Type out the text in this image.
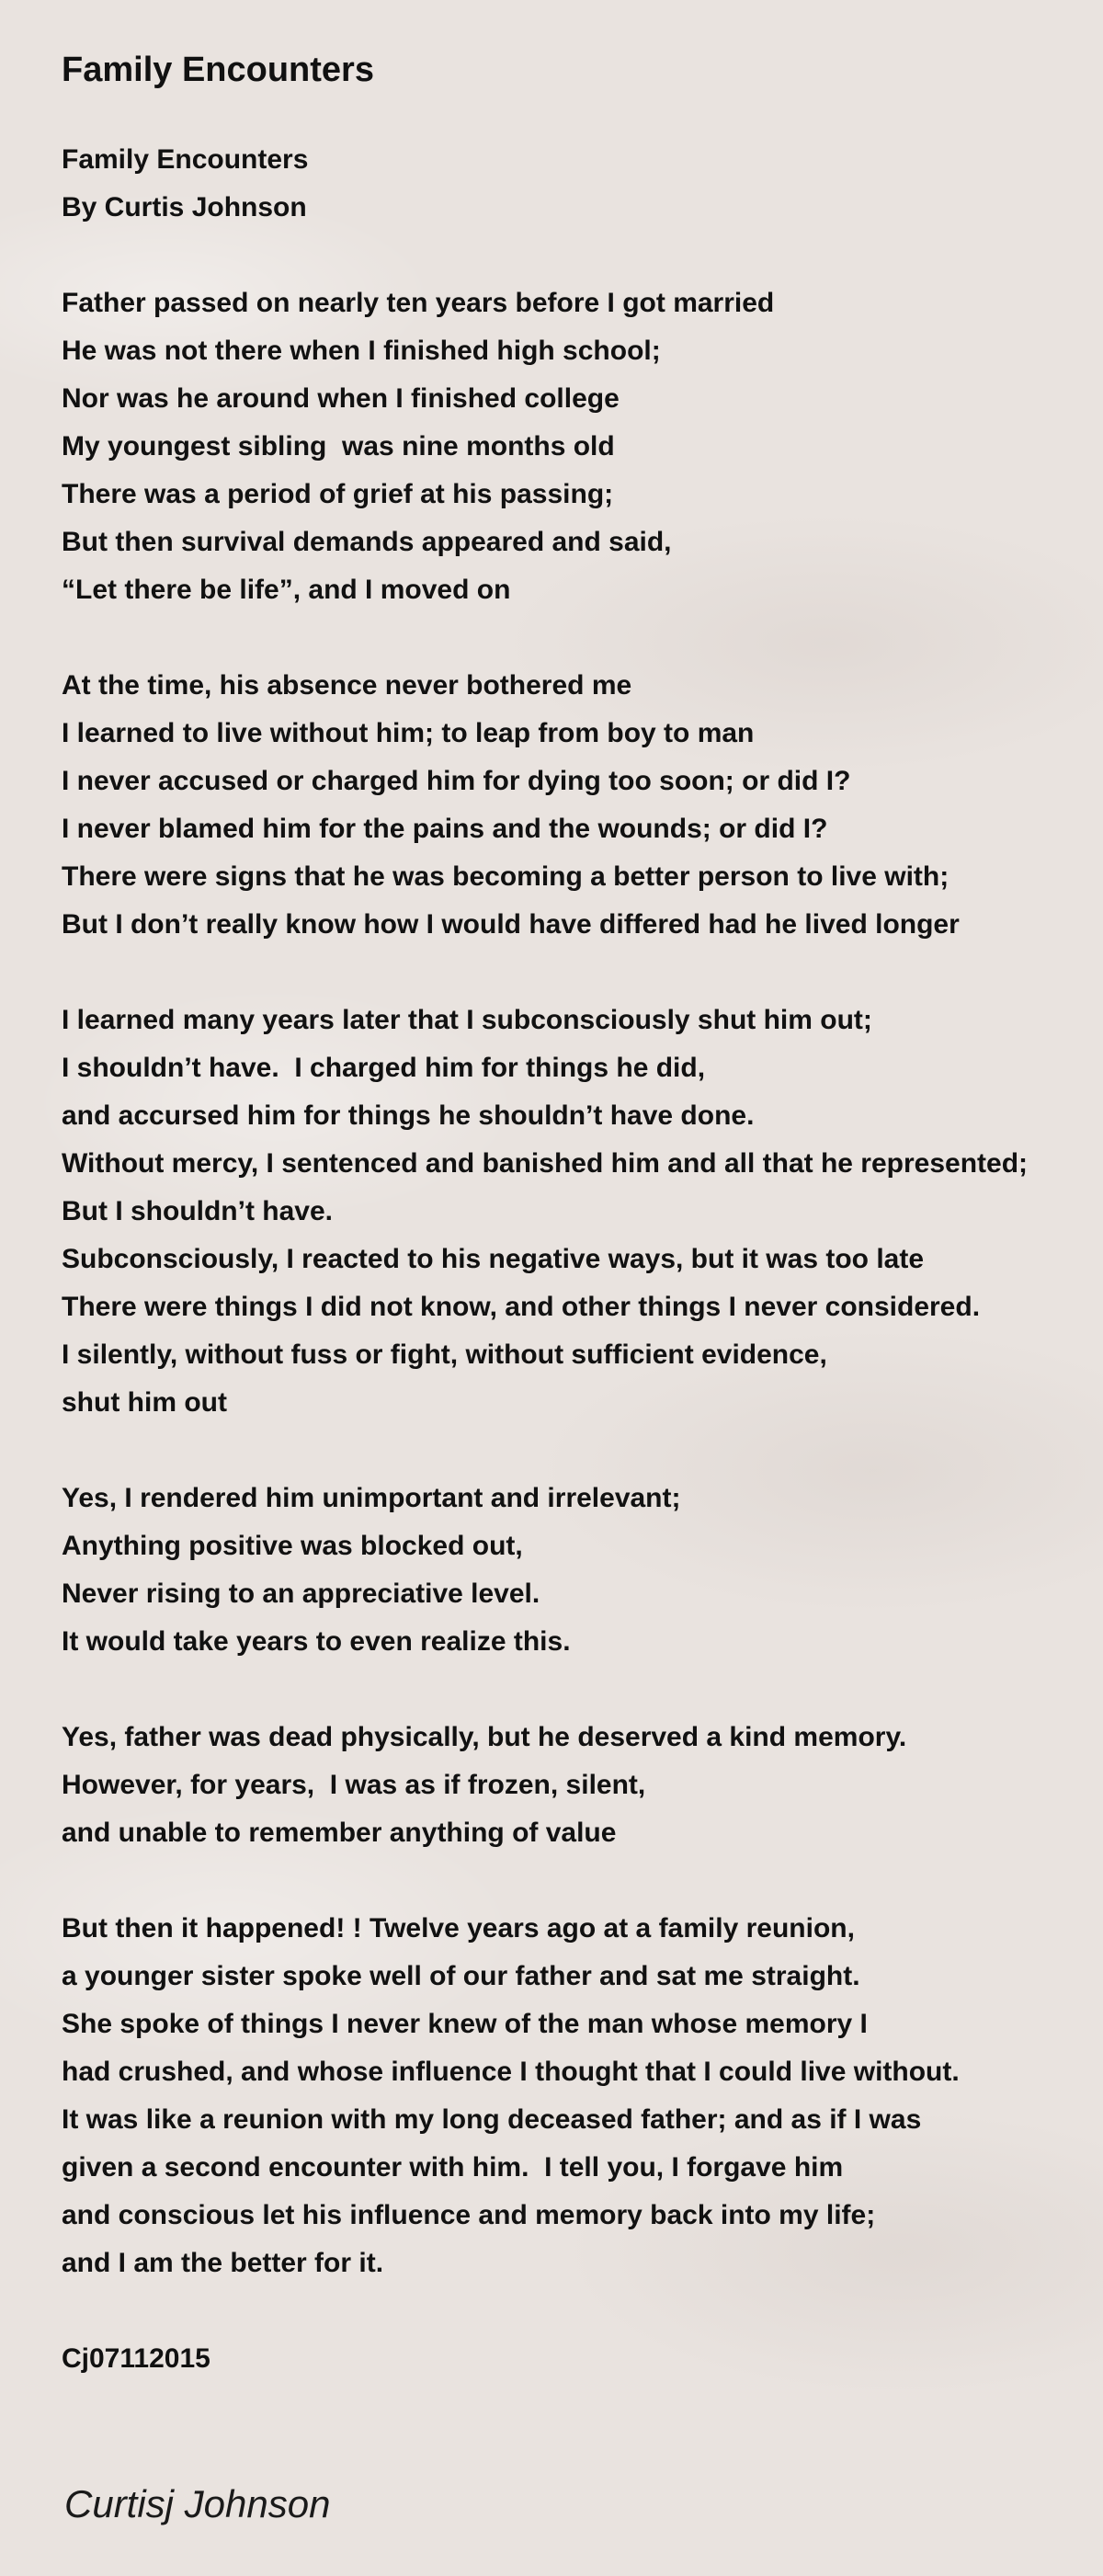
Family Encounters
Family Encounters
By Curtis Johnson
Father passed on nearly ten years before I got married
He was not there when I finished high school;
Nor was he around when I finished college
My youngest sibling  was nine months old
There was a period of grief at his passing;
But then survival demands appeared and said,
“Let there be life”, and I moved on
At the time, his absence never bothered me
I learned to live without him; to leap from boy to man
I never accused or charged him for dying too soon; or did I?
I never blamed him for the pains and the wounds; or did I?
There were signs that he was becoming a better person to live with;
But I don’t really know how I would have differed had he lived longer
I learned many years later that I subconsciously shut him out;
I shouldn’t have.  I charged him for things he did,
and accursed him for things he shouldn’t have done.
Without mercy, I sentenced and banished him and all that he represented;
But I shouldn’t have.
Subconsciously, I reacted to his negative ways, but it was too late
There were things I did not know, and other things I never considered.
I silently, without fuss or fight, without sufficient evidence,
shut him out
Yes, I rendered him unimportant and irrelevant;
Anything positive was blocked out,
Never rising to an appreciative level.
It would take years to even realize this.
Yes, father was dead physically, but he deserved a kind memory.
However, for years,  I was as if frozen, silent,
and unable to remember anything of value
But then it happened! ! Twelve years ago at a family reunion,
a younger sister spoke well of our father and sat me straight.
She spoke of things I never knew of the man whose memory I
had crushed, and whose influence I thought that I could live without.
It was like a reunion with my long deceased father; and as if I was
given a second encounter with him.  I tell you, I forgave him
and conscious let his influence and memory back into my life;
and I am the better for it.
Cj07112015
Curtisj Johnson
